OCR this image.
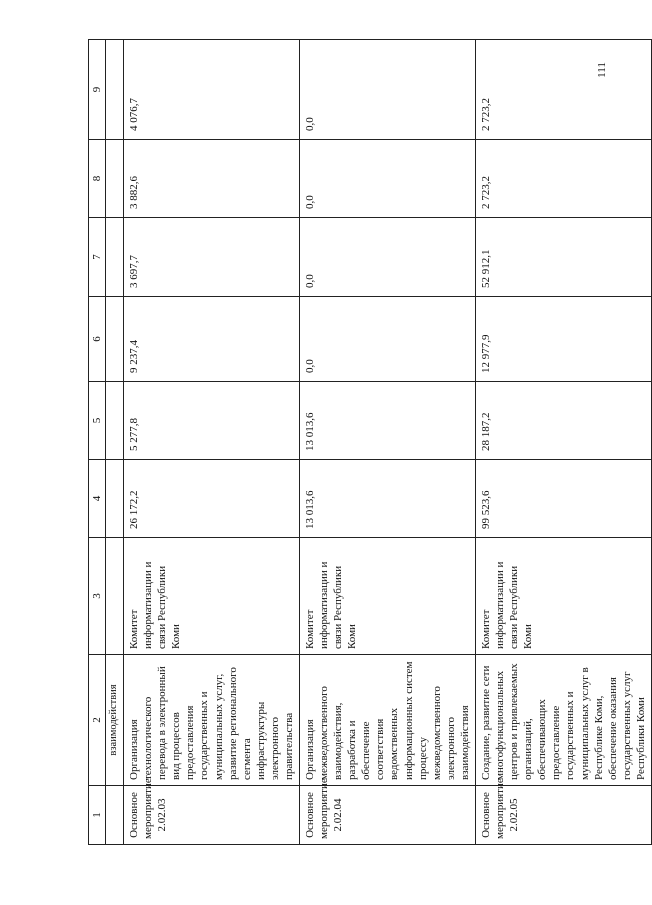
111
1	2	3	4	5	6	7	8	9
	взаимодействия							
Основное мероприятие 2.02.03	Организация технологического перевода в электронный вид процессов предоставления государственных и муниципальных услуг, развитие регионального сегмента инфраструктуры электронного правительства	Комитет информатизации и связи Республики Коми	26 172,2	5 277,8	9 237,4	3 697,7	3 882,6	4 076,7
Основное мероприятие 2.02.04	Организация межведомственного взаимодействия, разработка и обеспечение соответствия ведомственных информационных систем процессу межведомственного электронного взаимодействия	Комитет информатизации и связи Республики Коми	13 013,6	13 013,6	0,0	0,0	0,0	0,0
Основное мероприятие 2.02.05	Создание, развитие сети многофункциональных центров и привлекаемых организаций, обеспечивающих предоставление государственных и муниципальных услуг в Республике Коми, обеспечение оказания государственных услуг Республики Коми	Комитет информатизации и связи Республики Коми	99 523,6	28 187,2	12 977,9	52 912,1	2 723,2	2 723,2
